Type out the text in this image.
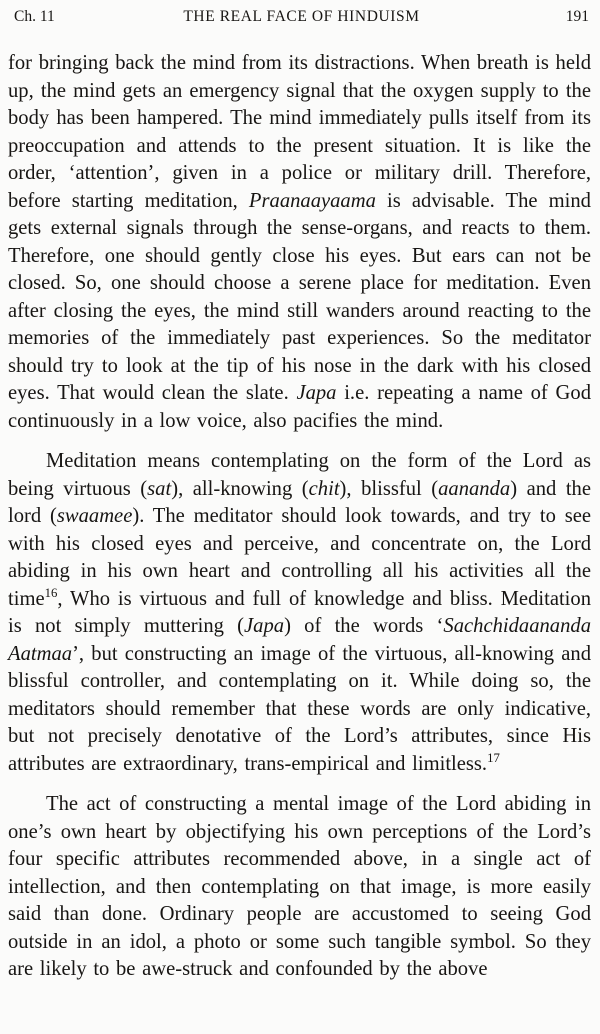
Ch. 11	THE REAL FACE OF HINDUISM	191

for bringing back the mind from its distractions. When breath is held up, the mind gets an emergency signal that the oxygen supply to the body has been hampered. The mind immediately pulls itself from its preoccupation and attends to the present situation. It is like the order, ‘attention’, given in a police or military drill. Therefore, before starting meditation, Praanaayaama is advisable. The mind gets external signals through the sense-organs, and reacts to them. Therefore, one should gently close his eyes. But ears can not be closed. So, one should choose a serene place for meditation. Even after closing the eyes, the mind still wanders around reacting to the memories of the immediately past experiences. So the meditator should try to look at the tip of his nose in the dark with his closed eyes. That would clean the slate. Japa i.e. repeating a name of God continuously in a low voice, also pacifies the mind.

Meditation means contemplating on the form of the Lord as being virtuous (sat), all-knowing (chit), blissful (aananda) and the lord (swaamee). The meditator should look towards, and try to see with his closed eyes and perceive, and concentrate on, the Lord abiding in his own heart and controlling all his activities all the time$^{16}$, Who is virtuous and full of knowledge and bliss. Meditation is not simply muttering (Japa) of the words ‘Sachchidaananda Aatmaa’, but constructing an image of the virtuous, all-knowing and blissful controller, and contemplating on it. While doing so, the meditators should remember that these words are only indicative, but not precisely denotative of the Lord’s attributes, since His attributes are extraordinary, trans-empirical and limitless.$^{17}$

The act of constructing a mental image of the Lord abiding in one’s own heart by objectifying his own perceptions of the Lord’s four specific attributes recommended above, in a single act of intellection, and then contemplating on that image, is more easily said than done. Ordinary people are accustomed to seeing God outside in an idol, a photo or some such tangible symbol. So they are likely to be awe-struck and confounded by the above
